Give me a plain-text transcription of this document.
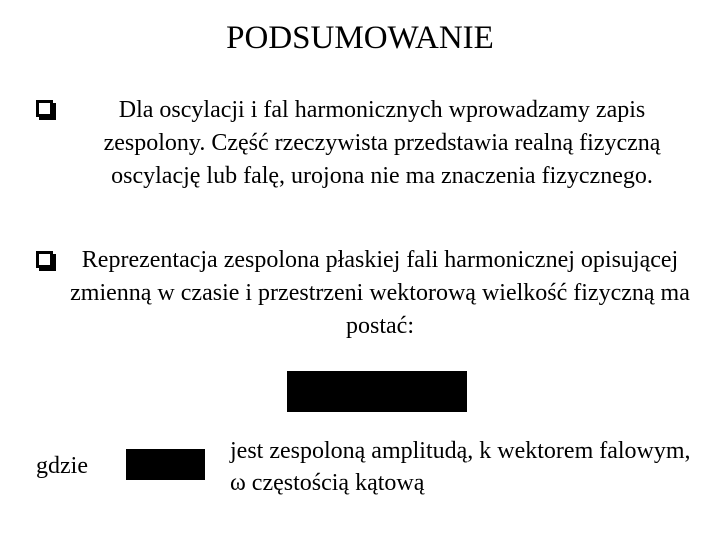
PODSUMOWANIE
Dla oscylacji i fal harmonicznych wprowadzamy zapis zespolony. Część rzeczywista przedstawia realną fizyczną oscylację lub falę, urojona nie ma znaczenia fizycznego.
Reprezentacja zespolona płaskiej fali harmonicznej opisującej zmienną w czasie i przestrzeni wektorową wielkość fizyczną ma postać:
gdzie
jest zespoloną amplitudą, k wektorem falowym, ω częstością kątową
